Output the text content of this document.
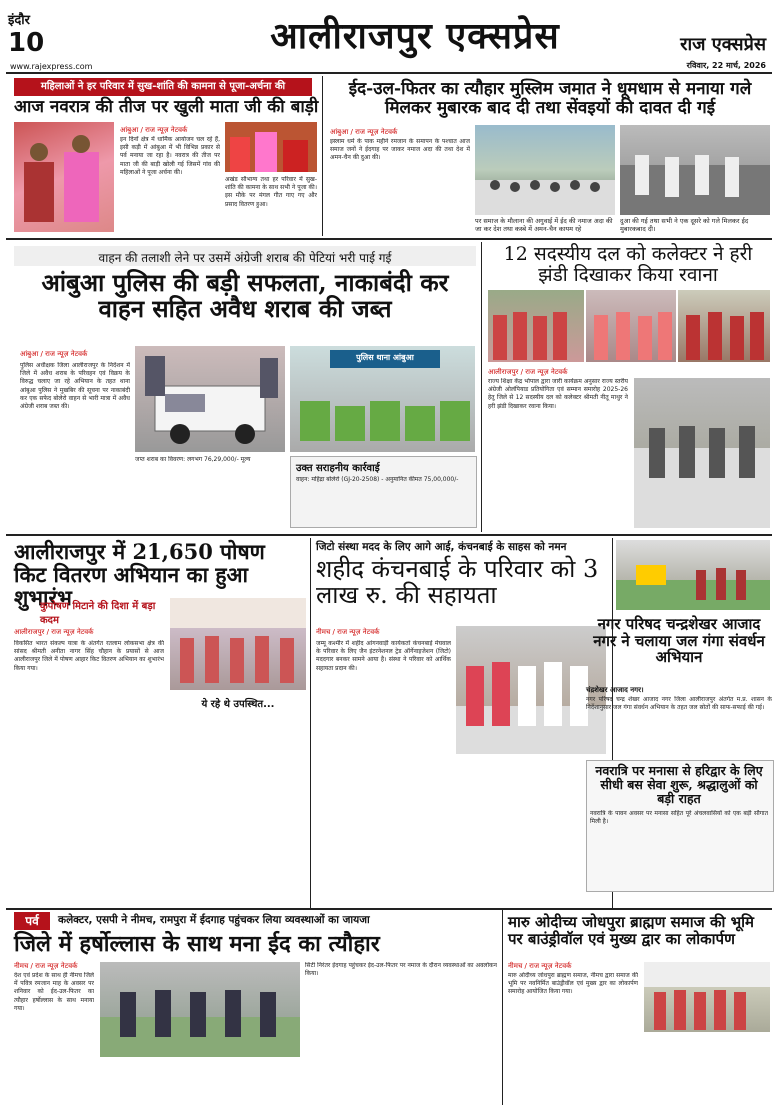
इंदौर
10
www.rajexpress.com
आलीराजपुर एक्सप्रेस	राज एक्सप्रेस
रविवार, 22 मार्च, 2026
महिलाओं ने हर परिवार में सुख-शांति की कामना से पूजा-अर्चना की
आज नवरात्र की तीज पर खुली माता जी की बाड़ी
आंबुआ / राज न्यूज़ नेटवर्क
इन दिनों क्षेत्र में धार्मिक आयोजन चल रहे हैं, इसी कड़ी में आंबुआ में भी विभिन्न प्रकार से पर्व मनाया जा रहा है। नवरात्र की तीज पर माता जी की बाड़ी खोली गई जिसमें गांव की महिलाओं ने पूजा अर्चना की।
अखंड सौभाग्य तथा हर परिवार में सुख-शांति की कामना के साथ सभी ने पूजा की। इस मौके पर मंगल गीत गाए गए और प्रसाद वितरण हुआ।
ईद-उल-फितर का त्यौहार मुस्लिम जमात ने धूमधाम से मनाया गले मिलकर मुबारक बाद दी तथा सेंवइयों की दावत दी गई
आंबुआ / राज न्यूज़ नेटवर्क
इस्लाम धर्म के पाक महीने रमजान के समापन के पश्चात आज समाज जनों ने ईदगाह पर जाकर नमाज अदा की तथा देश में अमन-चैन की दुआ की।
पर समाज के मौलाना की अगुवाई में ईद की नमाज अदा की जा कर देश तथा कस्बे में अमन-चैन कायम रहे
दुआ की गई तथा सभी ने एक दूसरे को गले मिलकर ईद मुबारकबाद दी।
वाहन की तलाशी लेने पर उसमें अंग्रेजी शराब की पेटियां भरी पाई गई
आंबुआ पुलिस की बड़ी सफलता, नाकाबंदी कर वाहन सहित अवैध शराब की जब्त
आंबुआ / राज न्यूज़ नेटवर्क
पुलिस अधीक्षक जिला आलीराजपुर के निर्देशन में जिले में अवैध शराब के परिवहन एवं विक्रय के विरुद्ध चलाए जा रहे अभियान के तहत थाना आंबुआ पुलिस ने मुखबिर की सूचना पर नाकाबंदी कर एक सफेद बोलेरो वाहन से भारी मात्रा में अवैध अंग्रेजी शराब जब्त की।
पुलिस थाना आंबुआ
जप्त शराब का विवरण: लगभग 76,29,000/- मूल्य
उक्त सराहनीय कार्रवाई
वाहन: महिंद्रा बोलेरो (GJ-20-2508) - अनुमानित कीमत 75,00,000/-
12 सदस्यीय दल को कलेक्टर ने हरी झंडी दिखाकर किया रवाना
आलीराजपुर / राज न्यूज़ नेटवर्क
राज्य शिक्षा केंद्र भोपाल द्वारा जारी कार्यक्रम अनुसार राज्य स्तरीय अंग्रेजी ओलंपियाड प्रतियोगिता एवं सम्मान समारोह 2025-26 हेतु जिले से 12 सदस्यीय दल को कलेक्टर श्रीमती नीतू माथुर ने हरी झंडी दिखाकर रवाना किया।
आलीराजपुर में 21,650 पोषण किट वितरण अभियान का हुआ शुभारंभ
कुपोषण मिटाने की दिशा में बड़ा कदम
आलीराजपुर / राज न्यूज़ नेटवर्क
विकसित भारत संकल्प यात्रा के अंतर्गत रतलाम लोकसभा क्षेत्र की सांसद श्रीमती अनीता नागर सिंह चौहान के प्रयासों से आज आलीराजपुर जिले में पोषण आहार किट वितरण अभियान का शुभारंभ किया गया।
ये रहे थे उपस्थित...
जिटो संस्था मदद के लिए आगे आई, कंचनबाई के साहस को नमन
शहीद कंचनबाई के परिवार को 3 लाख रु. की सहायता
नीमच / राज न्यूज़ नेटवर्क
जम्मू कश्मीर में शहीद आंगनवाड़ी कार्यकर्ता कंचनबाई मेघवाल के परिवार के लिए जैन इंटरनेशनल ट्रेड ऑर्गेनाइजेशन (जिटो) मददगार बनकर सामने आया है। संस्था ने परिवार को आर्थिक सहायता प्रदान की।
नगर परिषद चन्द्रशेखर आजाद नगर ने चलाया जल गंगा संवर्धन अभियान
चंद्रशेखर आजाद नगर।
नगर परिषद चन्द्र शेखर आजाद नगर जिला आलीराजपुर अंतर्गत म.प्र. शासन के निर्देशानुसार जल गंगा संवर्धन अभियान के तहत जल स्रोतों की साफ-सफाई की गई।
नवरात्रि पर मनासा से हरिद्वार के लिए सीधी बस सेवा शुरू, श्रद्धालुओं को बड़ी राहत
नवरात्रि के पावन अवसर पर मनासा सहित पूरे अंचलवासियों को एक बड़ी सौगात मिली है।
पर्व	कलेक्टर, एसपी ने नीमच, रामपुरा में ईदगाह पहुंचकर लिया व्यवस्थाओं का जायजा
जिले में हर्षोल्लास के साथ मना ईद का त्यौहार
नीमच / राज न्यूज़ नेटवर्क
देश एवं प्रदेश के साथ ही नीमच जिले में पवित्र रमजान माह के अवसर पर शनिवार को ईद-उल-फितर का त्यौहार हर्षोल्लास के साथ मनाया गया।
सिटी निरंतर ईदगाह पहुंचकर ईद-उल-फितर पर नमाज के दौरान व्यवस्थाओं का अवलोकन किया।
मारु ओदीच्य जोधपुरा ब्राह्मण समाज की भूमि पर बाउंड्रीवॉल एवं मुख्य द्वार का लोकार्पण
नीमच / राज न्यूज़ नेटवर्क
मारु ओदीच्य जोधपुरा ब्राह्मण समाज, नीमच द्वारा समाज की भूमि पर नवनिर्मित बाउंड्रीवॉल एवं मुख्य द्वार का लोकार्पण समारोह आयोजित किया गया।
